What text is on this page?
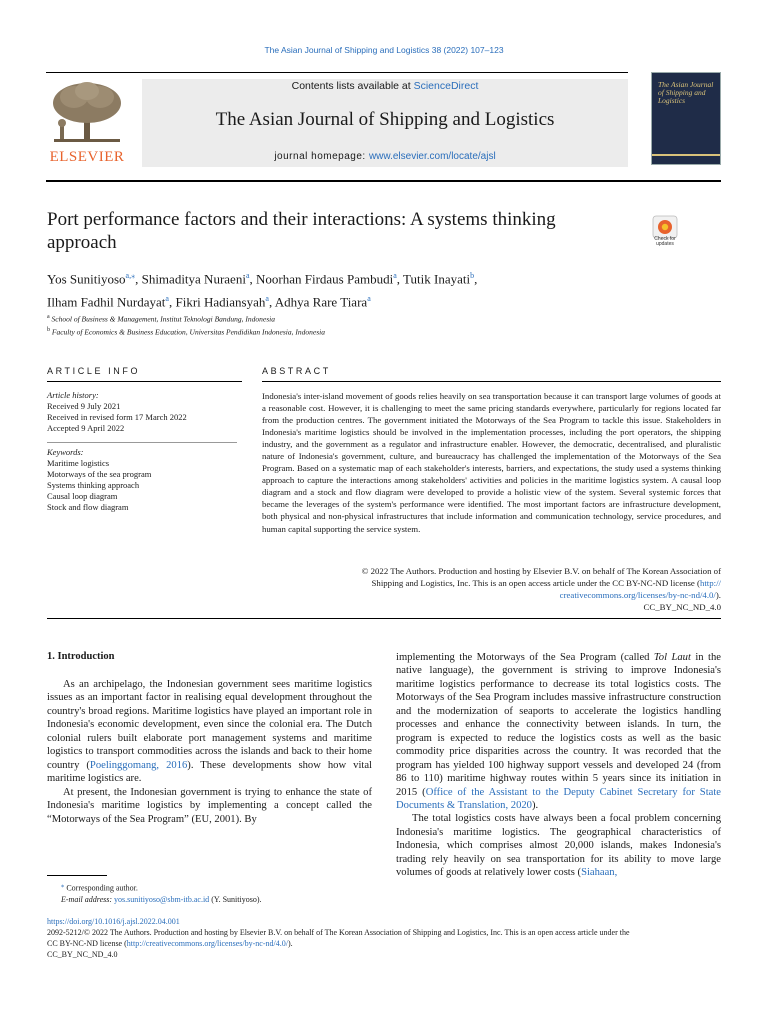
The Asian Journal of Shipping and Logistics 38 (2022) 107–123
ELSEVIER
Contents lists available at ScienceDirect
The Asian Journal of Shipping and Logistics
journal homepage: www.elsevier.com/locate/ajsl
The Asian Journal of Shipping and Logistics
Port performance factors and their interactions: A systems thinking approach	Check for updates
Yos Sunitiyoso$^{a,⁎}$, Shimaditya Nuraeni$^a$, Noorhan Firdaus Pambudi$^a$, Tutik Inayati$^b$,
Ilham Fadhil Nurdayat$^a$, Fikri Hadiansyah$^a$, Adhya Rare Tiara$^a$
$^a$ School of Business & Management, Institut Teknologi Bandung, Indonesia
$^b$ Faculty of Economics & Business Education, Universitas Pendidikan Indonesia, Indonesia
ARTICLE INFO	ABSTRACT
Article history:
Received 9 July 2021
Received in revised form 17 March 2022
Accepted 9 April 2022
Keywords:
Maritime logistics
Motorways of the sea program
Systems thinking approach
Causal loop diagram
Stock and flow diagram
Indonesia's inter-island movement of goods relies heavily on sea transportation because it can transport large volumes of goods at a reasonable cost. However, it is challenging to meet the same pricing standards everywhere, particularly for regions located far from the production centres. The government initiated the Motorways of the Sea Program to tackle this issue. Stakeholders in Indonesia's maritime logistics should be involved in the implementation processes, including the port operators, the shipping industry, and the government as a regulator and infrastructure enabler. However, the democratic, decentralised, and pluralistic nature of Indonesia's government, culture, and bureaucracy has challenged the implementation of the Motorways of the Sea Program. Based on a systematic map of each stakeholder's interests, barriers, and expectations, the study used a systems thinking approach to capture the interactions among stakeholders' activities and policies in the maritime logistics system. A causal loop diagram and a stock and flow diagram were developed to provide a holistic view of the system. Several systemic forces that became the leverages of the system's performance were identified. The most important factors are infrastructure development, both physical and non-physical infrastructures that include information and communication technology, service procedures, and human capital supporting the service system.
© 2022 The Authors. Production and hosting by Elsevier B.V. on behalf of The Korean Association of
Shipping and Logistics, Inc. This is an open access article under the CC BY-NC-ND license (http://
creativecommons.org/licenses/by-nc-nd/4.0/).
CC_BY_NC_ND_4.0
1. Introduction

As an archipelago, the Indonesian government sees maritime logistics issues as an important factor in realising equal development throughout the country's broad regions. Maritime logistics have played an important role in Indonesia's economic development, even since the colonial era. The Dutch colonial rulers built elaborate port management systems and maritime logistics to transport commodities across the islands and back to their home country (Poelinggomang, 2016). These developments show how vital maritime logistics are.

At present, the Indonesian government is trying to enhance the state of Indonesia's maritime logistics by implementing a concept called the “Motorways of the Sea Program” (EU, 2001). By

implementing the Motorways of the Sea Program (called Tol Laut in the native language), the government is striving to improve Indonesia's maritime logistics performance to decrease its total logistics costs. The Motorways of the Sea Program includes massive infrastructure construction and the modernization of seaports to accelerate the logistics handling processes and enhance the connectivity between islands. In turn, the program is expected to reduce the logistics costs as well as the basic commodity price disparities across the country. It was recorded that the program has yielded 100 highway support vessels and developed 24 (from 86 to 110) maritime highway routes within 5 years since its initiation in 2015 (Office of the Assistant to the Deputy Cabinet Secretary for State Documents & Translation, 2020).

The total logistics costs have always been a focal problem concerning Indonesia's maritime logistics. The geographical characteristics of Indonesia, which comprises almost 20,000 islands, makes Indonesia's trading rely heavily on sea transportation for its ability to move large volumes of goods at relatively lower costs (Siahaan,

⁎ Corresponding author.
E-mail address: yos.sunitiyoso@sbm-itb.ac.id (Y. Sunitiyoso).
https://doi.org/10.1016/j.ajsl.2022.04.001
2092-5212/© 2022 The Authors. Production and hosting by Elsevier B.V. on behalf of The Korean Association of Shipping and Logistics, Inc. This is an open access article under the
CC BY-NC-ND license (http://creativecommons.org/licenses/by-nc-nd/4.0/).
CC_BY_NC_ND_4.0
